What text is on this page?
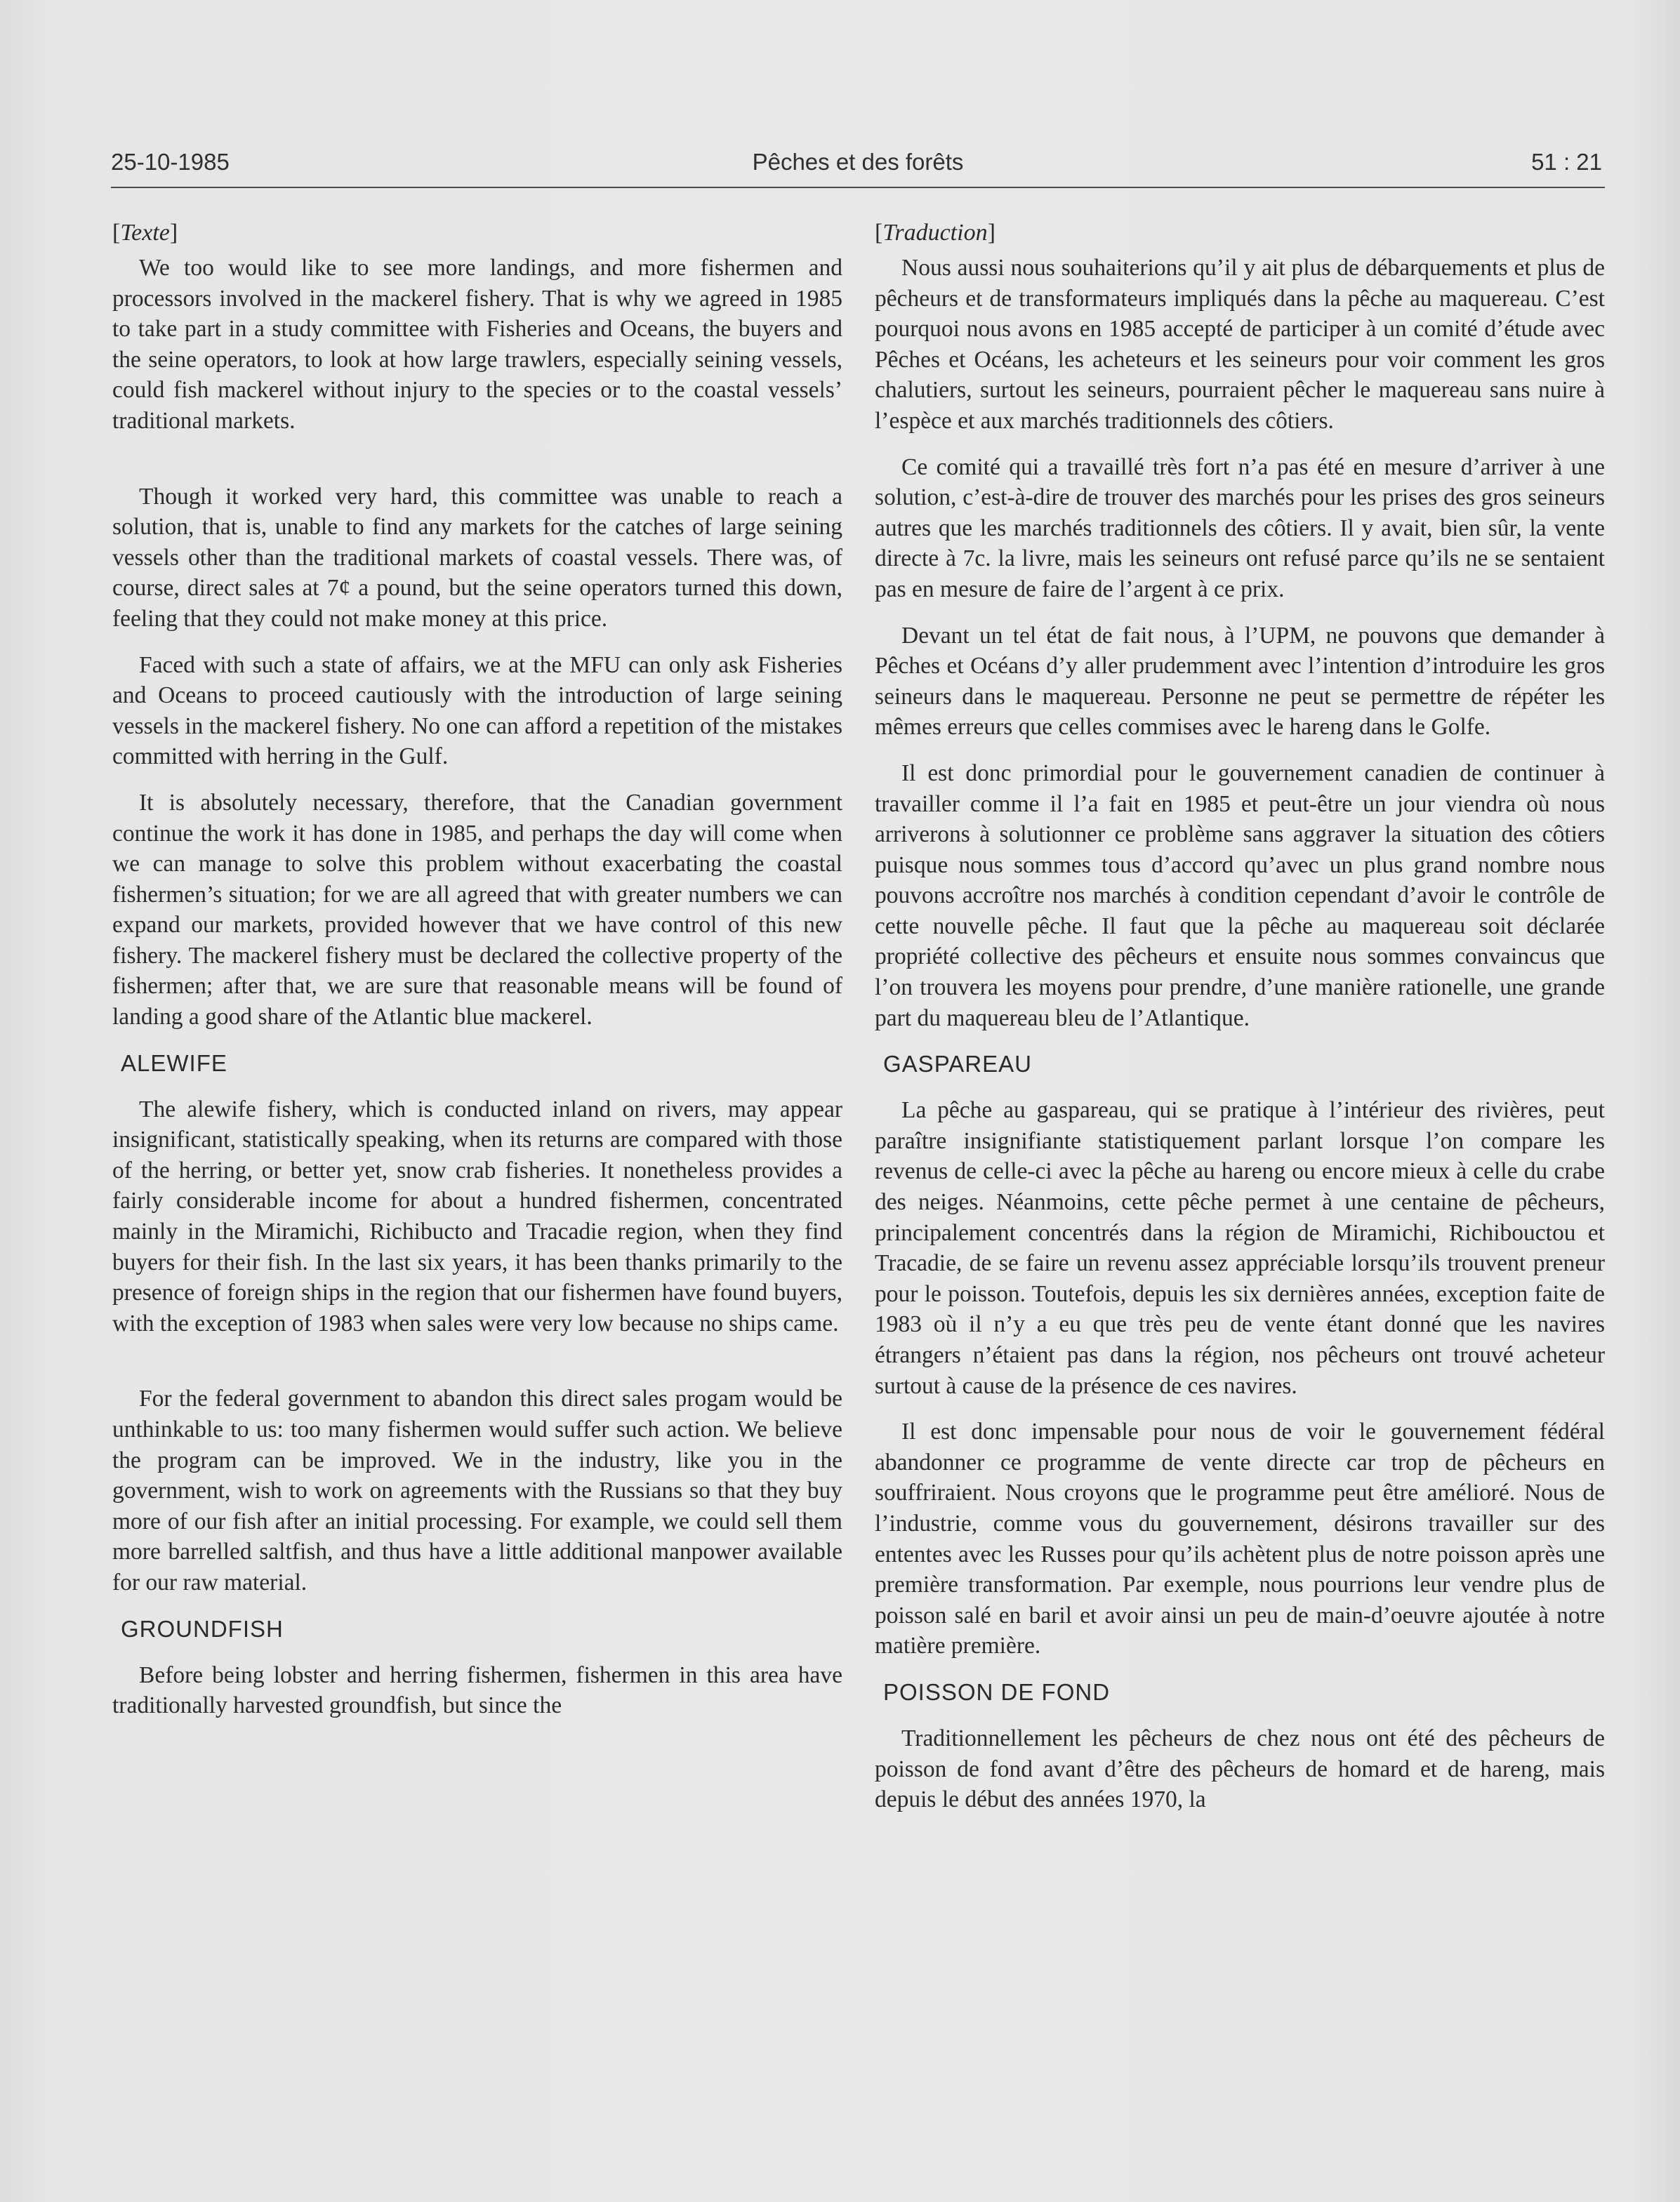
25-10-1985	Pêches et des forêts	51 : 21
[Texte]

We too would like to see more landings, and more fishermen and processors involved in the mackerel fishery. That is why we agreed in 1985 to take part in a study committee with Fisheries and Oceans, the buyers and the seine operators, to look at how large trawlers, especially seining vessels, could fish mackerel without injury to the species or to the coastal vessels’ traditional markets.

Though it worked very hard, this committee was unable to reach a solution, that is, unable to find any markets for the catches of large seining vessels other than the traditional markets of coastal vessels. There was, of course, direct sales at 7¢ a pound, but the seine operators turned this down, feeling that they could not make money at this price.

Faced with such a state of affairs, we at the MFU can only ask Fisheries and Oceans to proceed cautiously with the introduction of large seining vessels in the mackerel fishery. No one can afford a repetition of the mistakes committed with herring in the Gulf.

It is absolutely necessary, therefore, that the Canadian government continue the work it has done in 1985, and perhaps the day will come when we can manage to solve this problem without exacerbating the coastal fishermen’s situation; for we are all agreed that with greater numbers we can expand our markets, provided however that we have control of this new fishery. The mackerel fishery must be declared the collective property of the fishermen; after that, we are sure that reasonable means will be found of landing a good share of the Atlantic blue mackerel.

ALEWIFE

The alewife fishery, which is conducted inland on rivers, may appear insignificant, statistically speaking, when its returns are compared with those of the herring, or better yet, snow crab fisheries. It nonetheless provides a fairly considerable income for about a hundred fishermen, concentrated mainly in the Miramichi, Richibucto and Tracadie region, when they find buyers for their fish. In the last six years, it has been thanks primarily to the presence of foreign ships in the region that our fishermen have found buyers, with the exception of 1983 when sales were very low because no ships came.

For the federal government to abandon this direct sales progam would be unthinkable to us: too many fishermen would suffer such action. We believe the program can be improved. We in the industry, like you in the government, wish to work on agreements with the Russians so that they buy more of our fish after an initial processing. For example, we could sell them more barrelled saltfish, and thus have a little additional manpower available for our raw material.

GROUNDFISH

Before being lobster and herring fishermen, fishermen in this area have traditionally harvested groundfish, but since the

[Traduction]

Nous aussi nous souhaiterions qu’il y ait plus de débarquements et plus de pêcheurs et de transformateurs impliqués dans la pêche au maquereau. C’est pourquoi nous avons en 1985 accepté de participer à un comité d’étude avec Pêches et Océans, les acheteurs et les seineurs pour voir comment les gros chalutiers, surtout les seineurs, pourraient pêcher le maquereau sans nuire à l’espèce et aux marchés traditionnels des côtiers.

Ce comité qui a travaillé très fort n’a pas été en mesure d’arriver à une solution, c’est-à-dire de trouver des marchés pour les prises des gros seineurs autres que les marchés traditionnels des côtiers. Il y avait, bien sûr, la vente directe à 7c. la livre, mais les seineurs ont refusé parce qu’ils ne se sentaient pas en mesure de faire de l’argent à ce prix.

Devant un tel état de fait nous, à l’UPM, ne pouvons que demander à Pêches et Océans d’y aller prudemment avec l’intention d’introduire les gros seineurs dans le maquereau. Personne ne peut se permettre de répéter les mêmes erreurs que celles commises avec le hareng dans le Golfe.

Il est donc primordial pour le gouvernement canadien de continuer à travailler comme il l’a fait en 1985 et peut-être un jour viendra où nous arriverons à solutionner ce problème sans aggraver la situation des côtiers puisque nous sommes tous d’accord qu’avec un plus grand nombre nous pouvons accroître nos marchés à condition cependant d’avoir le contrôle de cette nouvelle pêche. Il faut que la pêche au maquereau soit déclarée propriété collective des pêcheurs et ensuite nous sommes convaincus que l’on trouvera les moyens pour prendre, d’une manière rationelle, une grande part du maquereau bleu de l’Atlantique.

GASPAREAU

La pêche au gaspareau, qui se pratique à l’intérieur des rivières, peut paraître insignifiante statistiquement parlant lorsque l’on compare les revenus de celle-ci avec la pêche au hareng ou encore mieux à celle du crabe des neiges. Néanmoins, cette pêche permet à une centaine de pêcheurs, principalement concentrés dans la région de Miramichi, Richibouctou et Tracadie, de se faire un revenu assez appréciable lorsqu’ils trouvent preneur pour le poisson. Toutefois, depuis les six dernières années, exception faite de 1983 où il n’y a eu que très peu de vente étant donné que les navires étrangers n’étaient pas dans la région, nos pêcheurs ont trouvé acheteur surtout à cause de la présence de ces navires.

Il est donc impensable pour nous de voir le gouvernement fédéral abandonner ce programme de vente directe car trop de pêcheurs en souffriraient. Nous croyons que le programme peut être amélioré. Nous de l’industrie, comme vous du gouvernement, désirons travailler sur des ententes avec les Russes pour qu’ils achètent plus de notre poisson après une première transformation. Par exemple, nous pourrions leur vendre plus de poisson salé en baril et avoir ainsi un peu de main-d’oeuvre ajoutée à notre matière première.

POISSON DE FOND

Traditionnellement les pêcheurs de chez nous ont été des pêcheurs de poisson de fond avant d’être des pêcheurs de homard et de hareng, mais depuis le début des années 1970, la
